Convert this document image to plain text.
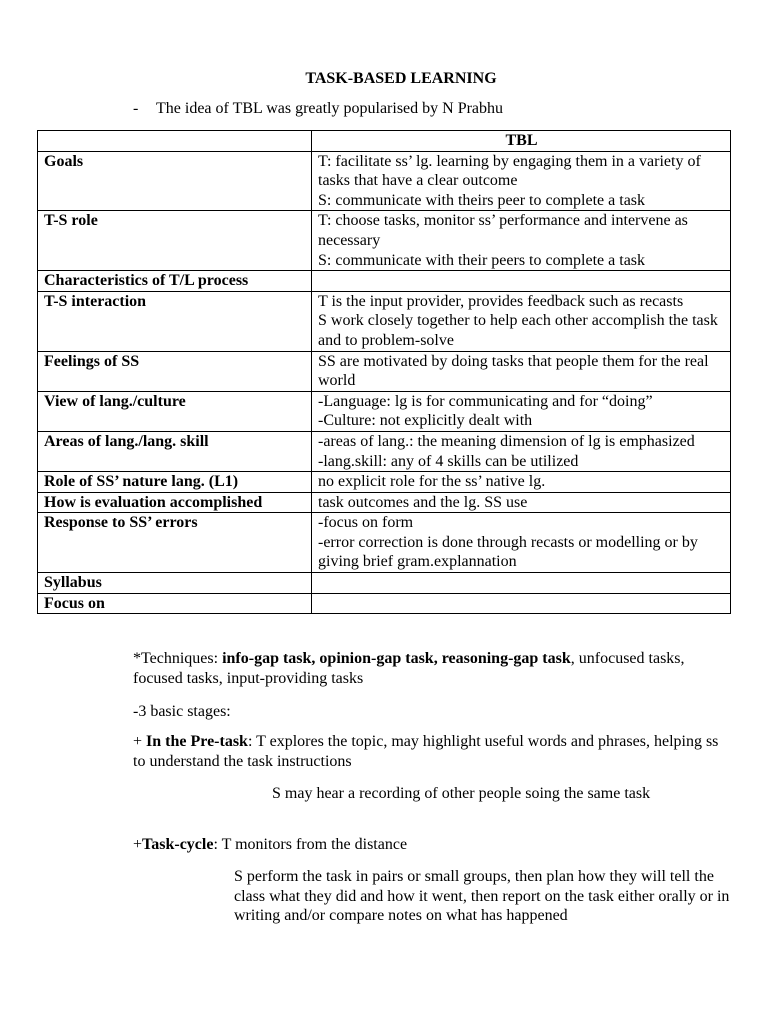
TASK-BASED LEARNING
- The idea of TBL was greatly popularised by N Prabhu
	TBL
Goals	T: facilitate ss’ lg. learning by engaging them in a variety of tasks that have a clear outcome
S: communicate with theirs peer to complete a task

T-S role	T: choose tasks, monitor ss’ performance and intervene as necessary
S: communicate with their peers to complete a task

Characteristics of T/L process	
T-S interaction	T is the input provider, provides feedback such as recasts
S work closely together to help each other accomplish the task and to problem-solve

Feelings of SS	SS are motivated by doing tasks that people them for the real world

View of lang./culture	-Language: lg is for communicating and for “doing”
-Culture: not explicitly dealt with

Areas of lang./lang. skill	-areas of lang.: the meaning dimension of lg is emphasized
-lang.skill: any of 4 skills can be utilized

Role of SS’ nature lang. (L1)	no explicit role for the ss’ native lg.

How is evaluation accomplished	task outcomes and the lg. SS use

Response to SS’ errors	-focus on form
-error correction is done through recasts or modelling or by giving brief gram.explannation

Syllabus	
Focus on	

*Techniques: info-gap task, opinion-gap task, reasoning-gap task, unfocused tasks, focused tasks, input-providing tasks

-3 basic stages:

+ In the Pre-task: T explores the topic, may highlight useful words and phrases, helping ss to understand the task instructions

S may hear a recording of other people soing the same task

+Task-cycle: T monitors from the distance

S perform the task in pairs or small groups, then plan how they will tell the class what they did and how it went, then report on the task either orally or in writing and/or compare notes on what has happened
